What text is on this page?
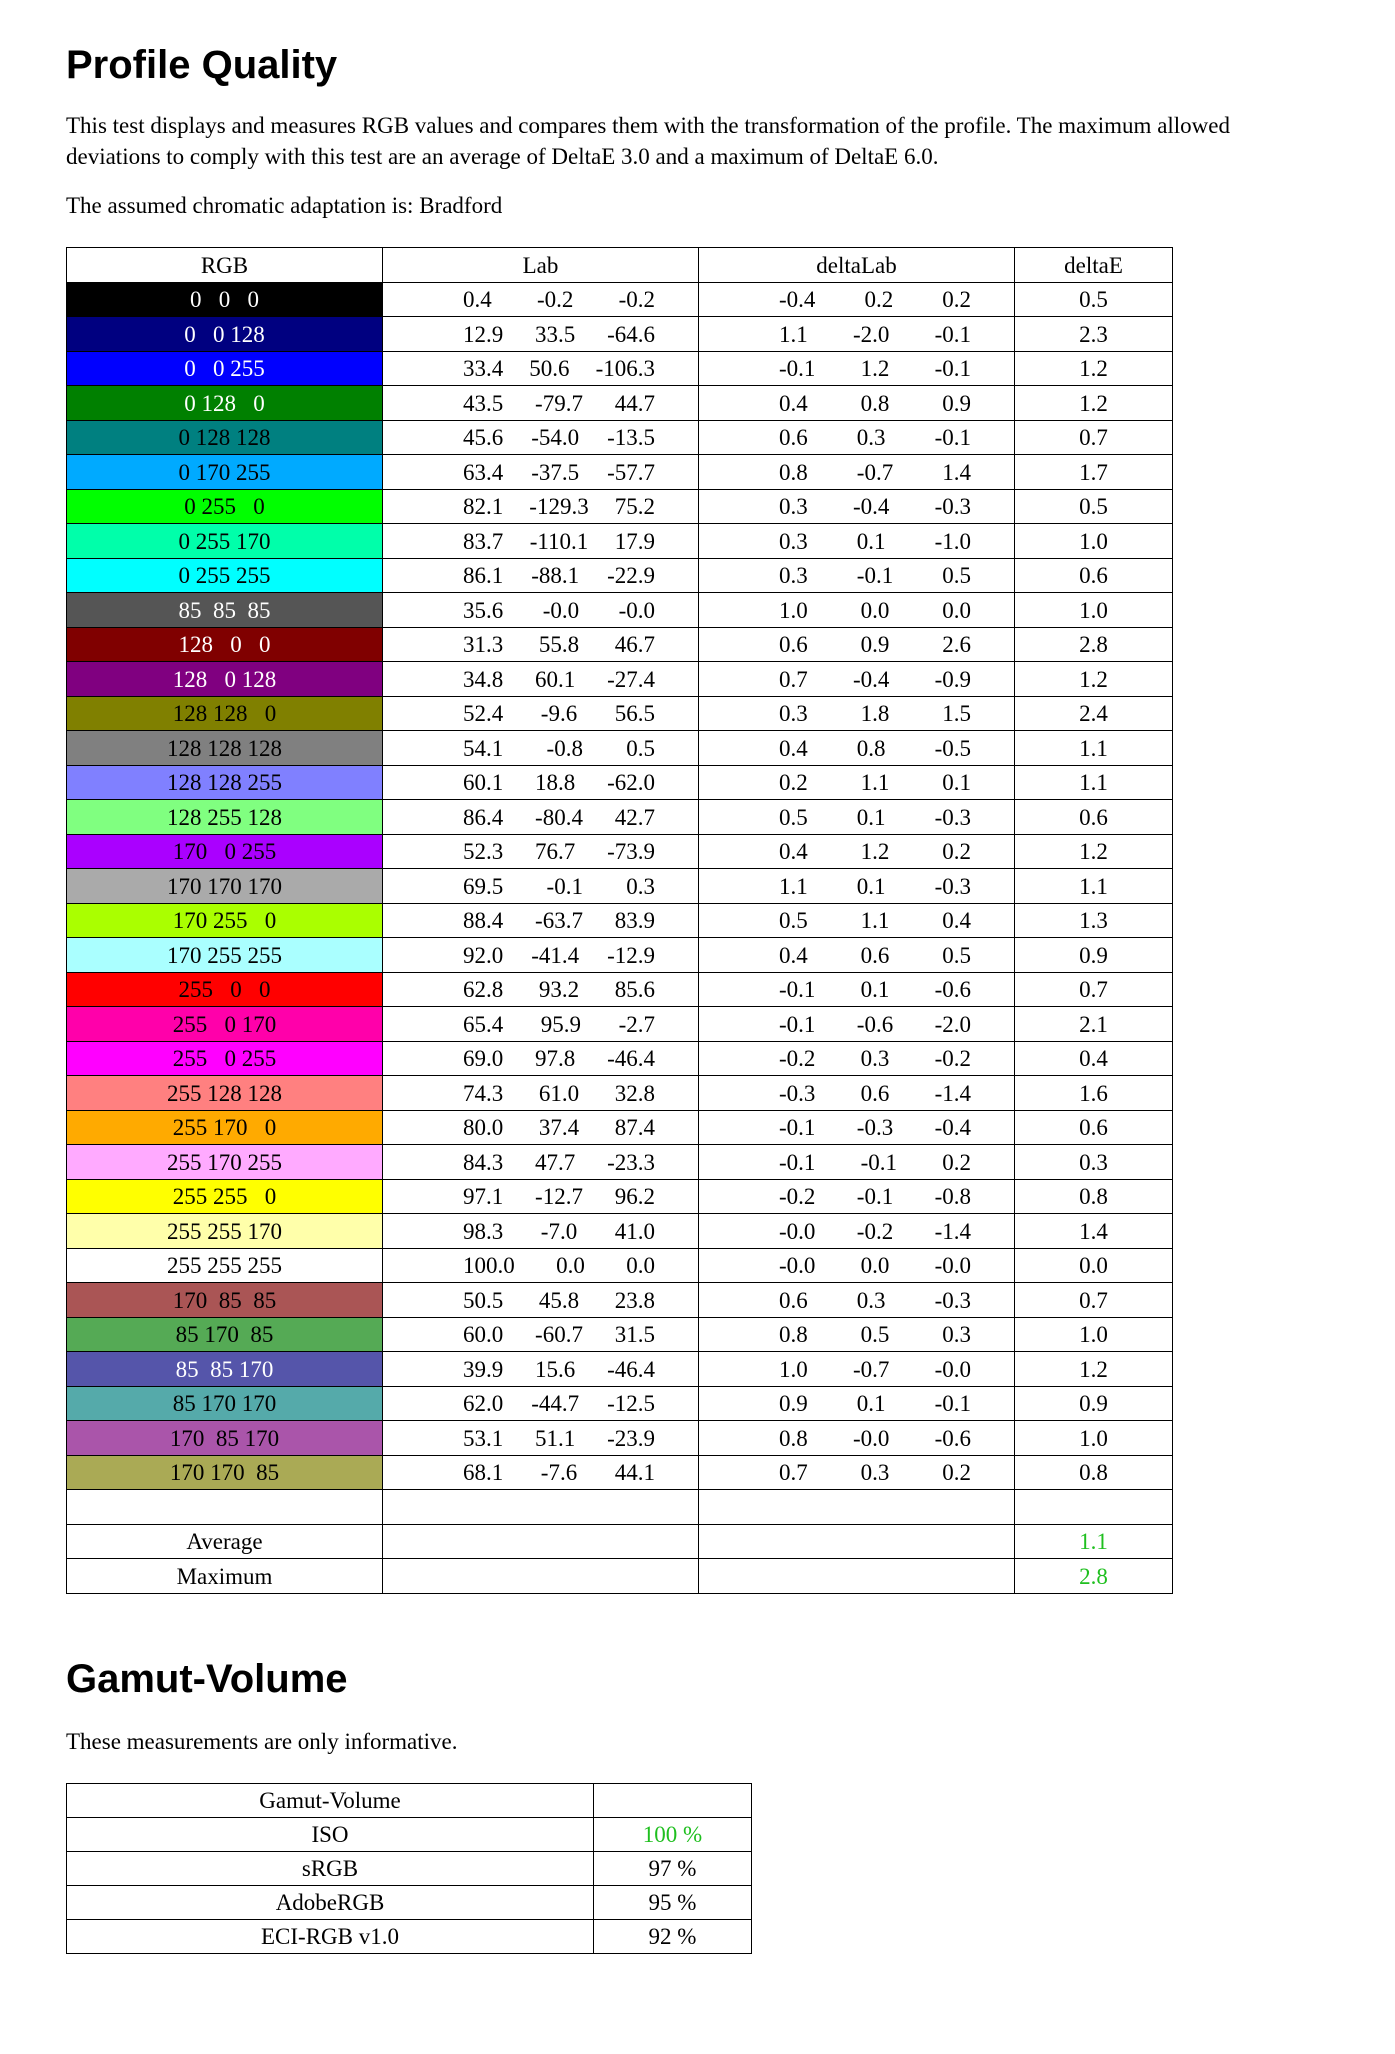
Profile Quality

This test displays and measures RGB values and compares them with the transformation of the profile. The maximum allowed deviations to comply with this test are an average of DeltaE 3.0 and a maximum of DeltaE 6.0.

The assumed chromatic adaptation is: Bradford

RGB	Lab	deltaLab	deltaE
0   0   0	0.4 -0.2 -0.2	-0.4 0.2 0.2	0.5
0   0 128	12.9 33.5 -64.6	1.1 -2.0 -0.1	2.3
0   0 255	33.4 50.6 -106.3	-0.1 1.2 -0.1	1.2
0 128   0	43.5 -79.7 44.7	0.4 0.8 0.9	1.2
0 128 128	45.6 -54.0 -13.5	0.6 0.3 -0.1	0.7
0 170 255	63.4 -37.5 -57.7	0.8 -0.7 1.4	1.7
0 255   0	82.1 -129.3 75.2	0.3 -0.4 -0.3	0.5
0 255 170	83.7 -110.1 17.9	0.3 0.1 -1.0	1.0
0 255 255	86.1 -88.1 -22.9	0.3 -0.1 0.5	0.6
85  85  85	35.6 -0.0 -0.0	1.0 0.0 0.0	1.0
128   0   0	31.3 55.8 46.7	0.6 0.9 2.6	2.8
128   0 128	34.8 60.1 -27.4	0.7 -0.4 -0.9	1.2
128 128   0	52.4 -9.6 56.5	0.3 1.8 1.5	2.4
128 128 128	54.1 -0.8 0.5	0.4 0.8 -0.5	1.1
128 128 255	60.1 18.8 -62.0	0.2 1.1 0.1	1.1
128 255 128	86.4 -80.4 42.7	0.5 0.1 -0.3	0.6
170   0 255	52.3 76.7 -73.9	0.4 1.2 0.2	1.2
170 170 170	69.5 -0.1 0.3	1.1 0.1 -0.3	1.1
170 255   0	88.4 -63.7 83.9	0.5 1.1 0.4	1.3
170 255 255	92.0 -41.4 -12.9	0.4 0.6 0.5	0.9
255   0   0	62.8 93.2 85.6	-0.1 0.1 -0.6	0.7
255   0 170	65.4 95.9 -2.7	-0.1 -0.6 -2.0	2.1
255   0 255	69.0 97.8 -46.4	-0.2 0.3 -0.2	0.4
255 128 128	74.3 61.0 32.8	-0.3 0.6 -1.4	1.6
255 170   0	80.0 37.4 87.4	-0.1 -0.3 -0.4	0.6
255 170 255	84.3 47.7 -23.3	-0.1 -0.1 0.2	0.3
255 255   0	97.1 -12.7 96.2	-0.2 -0.1 -0.8	0.8
255 255 170	98.3 -7.0 41.0	-0.0 -0.2 -1.4	1.4
255 255 255	100.0 0.0 0.0	-0.0 0.0 -0.0	0.0
170  85  85	50.5 45.8 23.8	0.6 0.3 -0.3	0.7
85 170  85	60.0 -60.7 31.5	0.8 0.5 0.3	1.0
85  85 170	39.9 15.6 -46.4	1.0 -0.7 -0.0	1.2
85 170 170	62.0 -44.7 -12.5	0.9 0.1 -0.1	0.9
170  85 170	53.1 51.1 -23.9	0.8 -0.0 -0.6	1.0
170 170  85	68.1 -7.6 44.1	0.7 0.3 0.2	0.8

Average			1.1
Maximum			2.8
Gamut-Volume

These measurements are only informative.

Gamut-Volume	
ISO	100 %
sRGB	97 %
AdobeRGB	95 %
ECI-RGB v1.0	92 %
